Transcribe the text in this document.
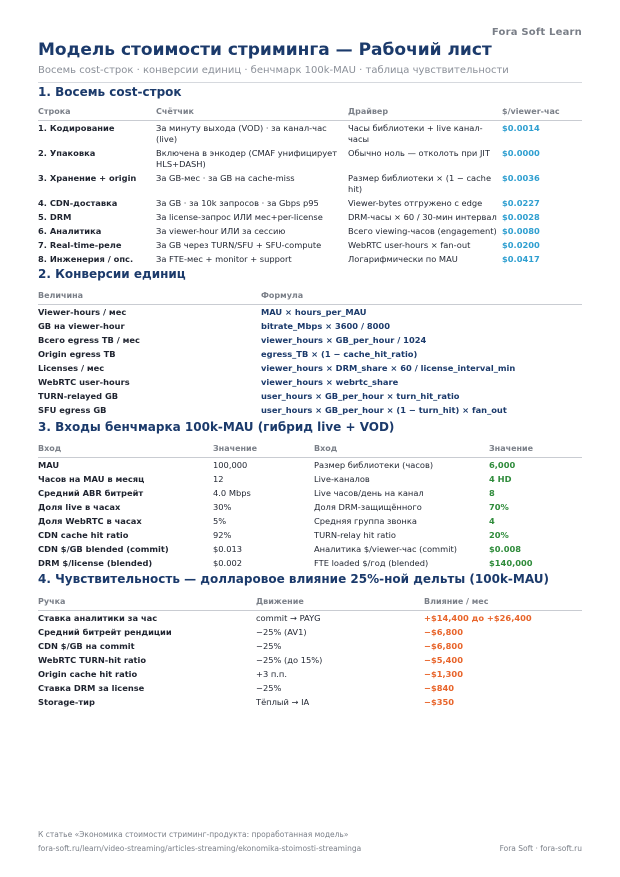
Fora Soft Learn
Модель стоимости стриминга — Рабочий лист
Восемь cost-строк · конверсии единиц · бенчмарк 100k-MAU · таблица чувствительности
1. Восемь cost-строк
Строка	Счётчик	Драйвер	$/viewer-час
1. Кодирование	За минуту выхода (VOD) · за канал-час (live)	Часы библиотеки + live канал-часы	$0.0014
2. Упаковка	Включена в энкодер (CMAF унифицирует HLS+DASH)	Обычно ноль — отколоть при JIT	$0.0000
3. Хранение + origin	За GB-мес · за GB на cache-miss	Размер библиотеки × (1 − cache hit)	$0.0036
4. CDN-доставка	За GB · за 10k запросов · за Gbps p95	Viewer-bytes отгружено с edge	$0.0227
5. DRM	За license-запрос ИЛИ мес+per-license	DRM-часы × 60 / 30-мин интервал	$0.0028
6. Аналитика	За viewer-hour ИЛИ за сессию	Всего viewing-часов (engagement)	$0.0080
7. Real-time-реле	За GB через TURN/SFU + SFU-compute	WebRTC user-hours × fan-out	$0.0200
8. Инженерия / опс.	За FTE-мес + monitor + support	Логарифмически по MAU	$0.0417
2. Конверсии единиц
Величина	Формула
Viewer-hours / мес	MAU × hours_per_MAU
GB на viewer-hour	bitrate_Mbps × 3600 / 8000
Всего egress TB / мес	viewer_hours × GB_per_hour / 1024
Origin egress TB	egress_TB × (1 − cache_hit_ratio)
Licenses / мес	viewer_hours × DRM_share × 60 / license_interval_min
WebRTC user-hours	viewer_hours × webrtc_share
TURN-relayed GB	user_hours × GB_per_hour × turn_hit_ratio
SFU egress GB	user_hours × GB_per_hour × (1 − turn_hit) × fan_out
3. Входы бенчмарка 100k-MAU (гибрид live + VOD)
Вход	Значение	Вход	Значение
MAU	100,000	Размер библиотеки (часов)	6,000
Часов на MAU в месяц	12	Live-каналов	4 HD
Средний ABR битрейт	4.0 Mbps	Live часов/день на канал	8
Доля live в часах	30%	Доля DRM-защищённого	70%
Доля WebRTC в часах	5%	Средняя группа звонка	4
CDN cache hit ratio	92%	TURN-relay hit ratio	20%
CDN $/GB blended (commit)	$0.013	Аналитика $/viewer-час (commit)	$0.008
DRM $/license (blended)	$0.002	FTE loaded $/год (blended)	$140,000
4. Чувствительность — долларовое влияние 25%-ной дельты (100k-MAU)
Ручка	Движение	Влияние / мес
Ставка аналитики за час	commit → PAYG	+$14,400 до +$26,400
Средний битрейт рендиции	−25% (AV1)	−$6,800
CDN $/GB на commit	−25%	−$6,800
WebRTC TURN-hit ratio	−25% (до 15%)	−$5,400
Origin cache hit ratio	+3 п.п.	−$1,300
Ставка DRM за license	−25%	−$840
Storage-тир	Тёплый → IA	−$350
К статье «Экономика стоимости стриминг-продукта: проработанная модель»
fora-soft.ru/learn/video-streaming/articles-streaming/ekonomika-stoimosti-streaminga	Fora Soft · fora-soft.ru
